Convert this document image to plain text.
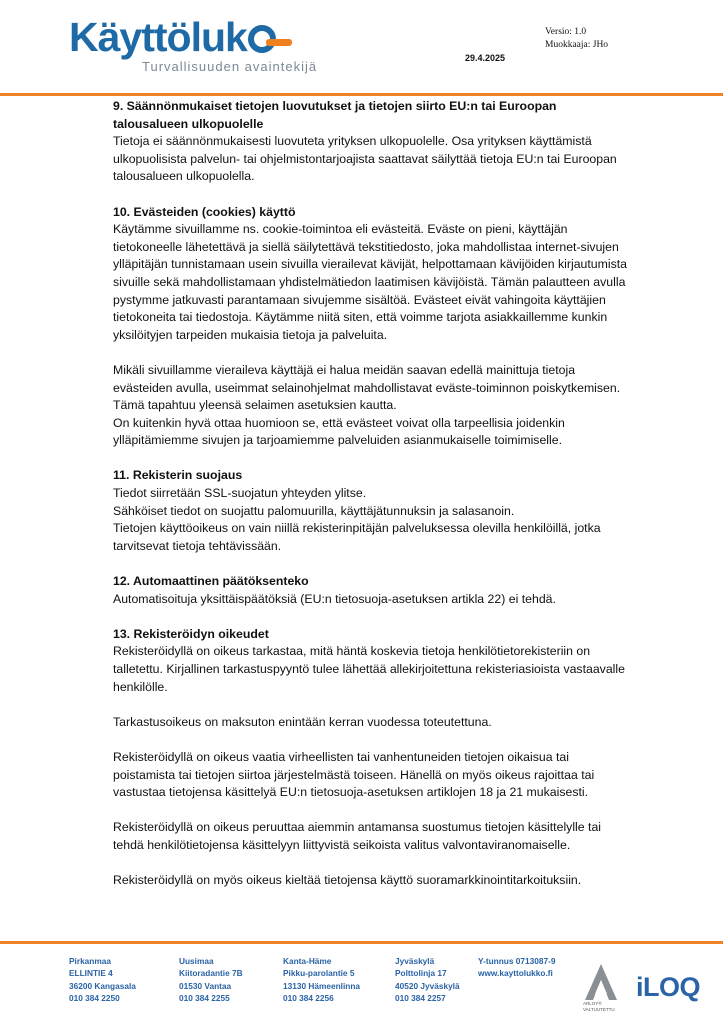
Käyttöluk
Turvallisuuden avaintekijä
29.4.2025
Versio: 1.0
Muokkaaja: JHo
9. Säännönmukaiset tietojen luovutukset ja tietojen siirto EU:n tai Euroopan talousalueen ulkopuolelle

Tietoja ei säännönmukaisesti luovuteta yrityksen ulkopuolelle. Osa yrityksen käyttämistä ulkopuolisista palvelun- tai ohjelmistontarjoajista saattavat säilyttää tietoja EU:n tai Euroopan talousalueen ulkopuolella.

10. Evästeiden (cookies) käyttö

Käytämme sivuillamme ns. cookie-toimintoa eli evästeitä. Eväste on pieni, käyttäjän tietokoneelle lähetettävä ja siellä säilytettävä tekstitiedosto, joka mahdollistaa internet-sivujen ylläpitäjän tunnistamaan usein sivuilla vierailevat kävijät, helpottamaan kävijöiden kirjautumista sivuille sekä mahdollistamaan yhdistelmätiedon laatimisen kävijöistä. Tämän palautteen avulla pystymme jatkuvasti parantamaan sivujemme sisältöä. Evästeet eivät vahingoita käyttäjien tietokoneita tai tiedostoja. Käytämme niitä siten, että voimme tarjota asiakkaillemme kunkin yksilöityjen tarpeiden mukaisia tietoja ja palveluita.

Mikäli sivuillamme vieraileva käyttäjä ei halua meidän saavan edellä mainittuja tietoja evästeiden avulla, useimmat selainohjelmat mahdollistavat eväste-toiminnon poiskytkemisen. Tämä tapahtuu yleensä selaimen asetuksien kautta.

On kuitenkin hyvä ottaa huomioon se, että evästeet voivat olla tarpeellisia joidenkin ylläpitämiemme sivujen ja tarjoamiemme palveluiden asianmukaiselle toimimiselle.

11. Rekisterin suojaus

Tiedot siirretään SSL-suojatun yhteyden ylitse.

Sähköiset tiedot on suojattu palomuurilla, käyttäjätunnuksin ja salasanoin.

Tietojen käyttöoikeus on vain niillä rekisterinpitäjän palveluksessa olevilla henkilöillä, jotka tarvitsevat tietoja tehtävissään.

12. Automaattinen päätöksenteko

Automatisoituja yksittäispäätöksiä (EU:n tietosuoja-asetuksen artikla 22) ei tehdä.

13. Rekisteröidyn oikeudet

Rekisteröidyllä on oikeus tarkastaa, mitä häntä koskevia tietoja henkilötietorekisteriin on talletettu. Kirjallinen tarkastuspyyntö tulee lähettää allekirjoitettuna rekisteriasioista vastaavalle henkilölle.

Tarkastusoikeus on maksuton enintään kerran vuodessa toteutettuna.

Rekisteröidyllä on oikeus vaatia virheellisten tai vanhentuneiden tietojen oikaisua tai poistamista tai tietojen siirtoa järjestelmästä toiseen. Hänellä on myös oikeus rajoittaa tai vastustaa tietojensa käsittelyä EU:n tietosuoja-asetuksen artiklojen 18 ja 21 mukaisesti.

Rekisteröidyllä on oikeus peruuttaa aiemmin antamansa suostumus tietojen käsittelylle tai tehdä henkilötietojensa käsittelyyn liittyvistä seikoista valitus valvontaviranomaiselle.

Rekisteröidyllä on myös oikeus kieltää tietojensa käyttö suoramarkkinointitarkoituksiin.

Pirkanmaa
ELLINTIE 4
36200 Kangasala
010 384 2250
Uusimaa
Kiitoradantie 7B
01530 Vantaa
010 384 2255
Kanta-Häme
Pikku-parolantie 5
13130 Hämeenlinna
010 384 2256
Jyväskylä
Polttolinja 17
40520 Jyväskylä
010 384 2257
Y-tunnus 0713087-9
www.kayttolukko.fi
ARLOY®
VALTUUTETTU
iLOQ
